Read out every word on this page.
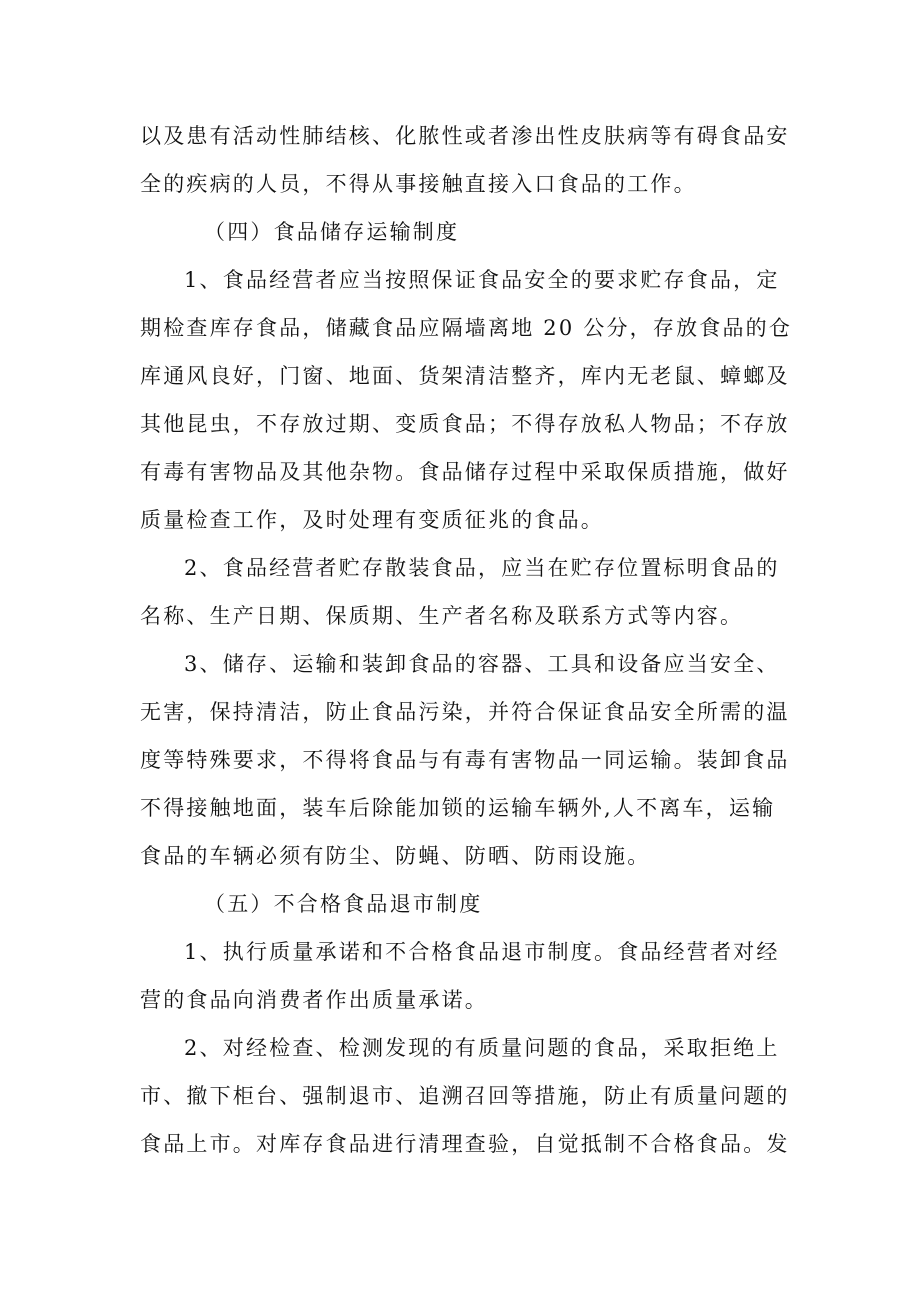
以及患有活动性肺结核、化脓性或者渗出性皮肤病等有碍食品安
全的疾病的人员，不得从事接触直接入口食品的工作。
（四）食品储存运输制度
1、食品经营者应当按照保证食品安全的要求贮存食品，定
期检查库存食品，储藏食品应隔墙离地 20 公分，存放食品的仓
库通风良好，门窗、地面、货架清洁整齐，库内无老鼠、蟑螂及
其他昆虫，不存放过期、变质食品；不得存放私人物品；不存放
有毒有害物品及其他杂物。食品储存过程中采取保质措施，做好
质量检查工作，及时处理有变质征兆的食品。
2、食品经营者贮存散装食品，应当在贮存位置标明食品的
名称、生产日期、保质期、生产者名称及联系方式等内容。
3、储存、运输和装卸食品的容器、工具和设备应当安全、
无害，保持清洁，防止食品污染，并符合保证食品安全所需的温
度等特殊要求，不得将食品与有毒有害物品一同运输。装卸食品
不得接触地面，装车后除能加锁的运输车辆外,人不离车，运输
食品的车辆必须有防尘、防蝇、防晒、防雨设施。
（五）不合格食品退市制度
1、执行质量承诺和不合格食品退市制度。食品经营者对经
营的食品向消费者作出质量承诺。
2、对经检查、检测发现的有质量问题的食品，采取拒绝上
市、撤下柜台、强制退市、追溯召回等措施，防止有质量问题的
食品上市。对库存食品进行清理查验，自觉抵制不合格食品。发
